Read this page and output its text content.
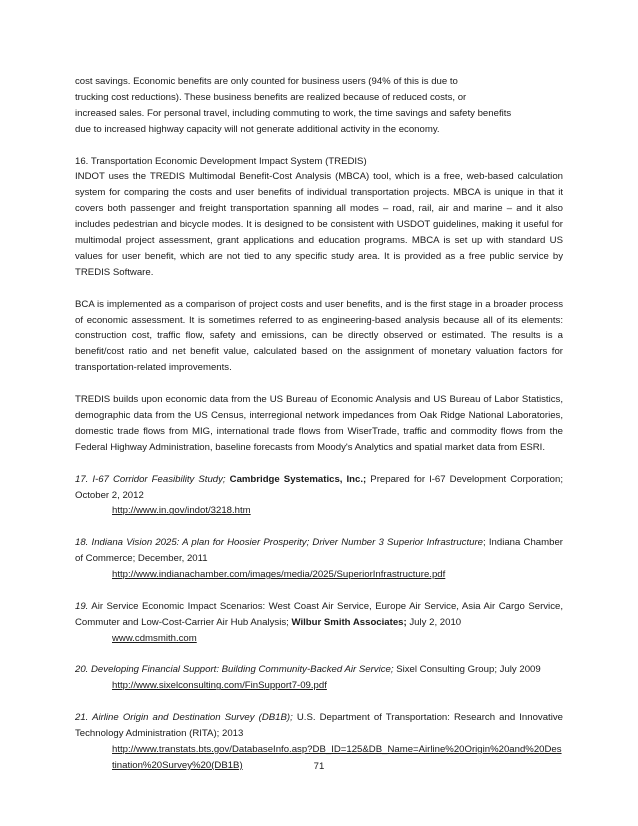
cost savings. Economic benefits are only counted for business users (94% of this is due to
trucking cost reductions). These business benefits are realized because of reduced costs, or
increased sales. For personal travel, including commuting to work, the time savings and safety benefits
due to increased highway capacity will not generate additional activity in the economy.

16. Transportation Economic Development Impact System (TREDIS)

INDOT uses the TREDIS Multimodal Benefit-Cost Analysis (MBCA) tool, which is a free, web-based calculation system for comparing the costs and user benefits of individual transportation projects. MBCA is unique in that it covers both passenger and freight transportation spanning all modes – road, rail, air and marine – and it also includes pedestrian and bicycle modes. It is designed to be consistent with USDOT guidelines, making it useful for multimodal project assessment, grant applications and education programs. MBCA is set up with standard US values for user benefit, which are not tied to any specific study area. It is provided as a free public service by TREDIS Software.

BCA is implemented as a comparison of project costs and user benefits, and is the first stage in a broader process of economic assessment. It is sometimes referred to as engineering-based analysis because all of its elements: construction cost, traffic flow, safety and emissions, can be directly observed or estimated. The results is a benefit/cost ratio and net benefit value, calculated based on the assignment of monetary valuation factors for transportation-related improvements.

TREDIS builds upon economic data from the US Bureau of Economic Analysis and US Bureau of Labor Statistics, demographic data from the US Census, interregional network impedances from Oak Ridge National Laboratories, domestic trade flows from MIG, international trade flows from WiserTrade, traffic and commodity flows from the Federal Highway Administration, baseline forecasts from Moody's Analytics and spatial market data from ESRI.

17. I-67 Corridor Feasibility Study; Cambridge Systematics, Inc.; Prepared for I-67 Development Corporation; October 2, 2012

http://www.in.gov/indot/3218.htm

18. Indiana Vision 2025: A plan for Hoosier Prosperity; Driver Number 3 Superior Infrastructure; Indiana Chamber of Commerce; December, 2011

http://www.indianachamber.com/images/media/2025/SuperiorInfrastructure.pdf

19. Air Service Economic Impact Scenarios: West Coast Air Service, Europe Air Service, Asia Air Cargo Service, Commuter and Low-Cost-Carrier Air Hub Analysis; Wilbur Smith Associates; July 2, 2010

www.cdmsmith.com

20. Developing Financial Support: Building Community-Backed Air Service; Sixel Consulting Group; July 2009

http://www.sixelconsulting.com/FinSupport7-09.pdf

21. Airline Origin and Destination Survey (DB1B); U.S. Department of Transportation: Research and Innovative Technology Administration (RITA); 2013

http://www.transtats.bts.gov/DatabaseInfo.asp?DB_ID=125&DB_Name=Airline%20Origin%20and%20Destination%20Survey%20(DB1B)	71
